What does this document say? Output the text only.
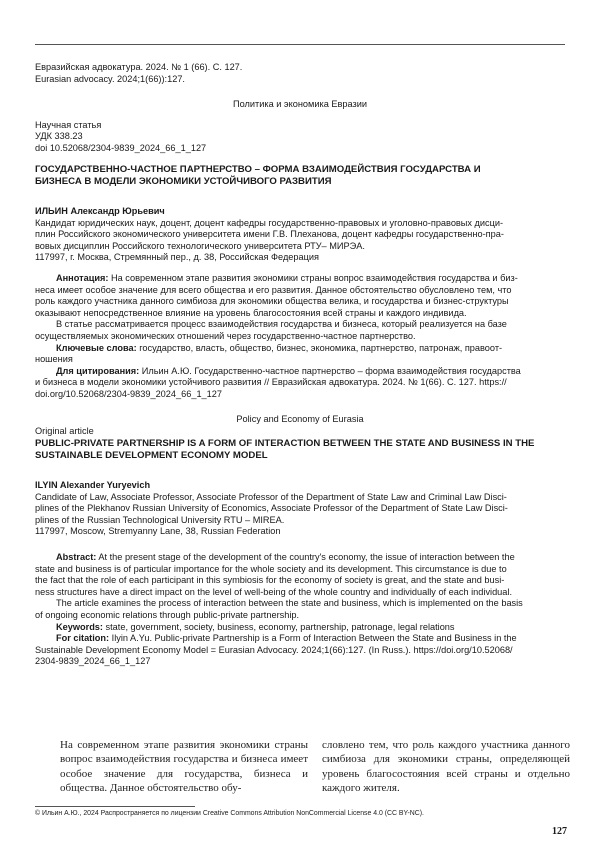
Евразийская адвокатура. 2024. № 1 (66). С. 127.
Eurasian advocacy. 2024;1(66)):127.
Политика и экономика Евразии
Научная статья
УДК 338.23
doi 10.52068/2304-9839_2024_66_1_127
ГОСУДАРСТВЕННО-ЧАСТНОЕ ПАРТНЕРСТВО – ФОРМА ВЗАИМОДЕЙСТВИЯ ГОСУДАРСТВА И
БИЗНЕСА В МОДЕЛИ ЭКОНОМИКИ УСТОЙЧИВОГО РАЗВИТИЯ
ИЛЬИН Александр Юрьевич
Кандидат юридических наук, доцент, доцент кафедры государственно-правовых и уголовно-правовых дисци-
плин Российского экономического университета имени Г.В. Плеханова, доцент кафедры государственно-пра-
вовых дисциплин Российского технологического университета РТУ– МИРЭА.
117997, г. Москва, Стремянный пер., д. 38, Российская Федерация
Аннотация: На современном этапе развития экономики страны вопрос взаимодействия государства и биз-
неса имеет особое значение для всего общества и его развития. Данное обстоятельство обусловлено тем, что
роль каждого участника данного симбиоза для экономики общества велика, и государства и бизнес-структуры
оказывают непосредственное влияние на уровень благосостояния всей страны и каждого индивида.
В статье рассматривается процесс взаимодействия государства и бизнеса, который реализуется на базе
осуществляемых экономических отношений через государственно-частное партнерство.
Ключевые слова: государство, власть, общество, бизнес, экономика, партнерство, патронаж, правоот-
ношения
Для цитирования: Ильин А.Ю. Государственно-частное партнерство – форма взаимодействия государства
и бизнеса в модели экономики устойчивого развития // Евразийская адвокатура. 2024. № 1(66). С. 127. https://
doi.org/10.52068/2304-9839_2024_66_1_127
Policy and Economy of Eurasia
Original article
PUBLIC-PRIVATE PARTNERSHIP IS A FORM OF INTERACTION BETWEEN THE STATE AND BUSINESS IN THE
SUSTAINABLE DEVELOPMENT ECONOMY MODEL
ILYIN Alexander Yuryevich
Candidate of Law, Associate Professor, Associate Professor of the Department of State Law and Criminal Law Disci-
plines of the Plekhanov Russian University of Economics, Associate Professor of the Department of State Law Disci-
plines of the Russian Technological University RTU – MIREA.
117997, Moscow, Stremyanny Lane, 38, Russian Federation
Abstract: At the present stage of the development of the country's economy, the issue of interaction between the
state and business is of particular importance for the whole society and its development. This circumstance is due to
the fact that the role of each participant in this symbiosis for the economy of society is great, and the state and busi-
ness structures have a direct impact on the level of well-being of the whole country and individually of each individual.
The article examines the process of interaction between the state and business, which is implemented on the basis
of ongoing economic relations through public-private partnership.
Keywords: state, government, society, business, economy, partnership, patronage, legal relations
For citation: Ilyin A.Yu. Public-private Partnership is a Form of Interaction Between the State and Business in the
Sustainable Development Economy Model = Eurasian Advocacy. 2024;1(66):127. (In Russ.). https://doi.org/10.52068/
2304-9839_2024_66_1_127
На современном этапе развития экономики страны вопрос взаимодействия государства и бизнеса имеет особое значение для государства, бизнеса и общества. Данное обстоятельство обу-
словлено тем, что роль каждого участника данного симбиоза для экономики страны, определяющей уровень благосостояния всей страны и отдельно каждого жителя.
© Ильин А.Ю., 2024 Распространяется по лицензии Creative Commons Attribution NonCommercial License 4.0 (CC BY-NC).
127
